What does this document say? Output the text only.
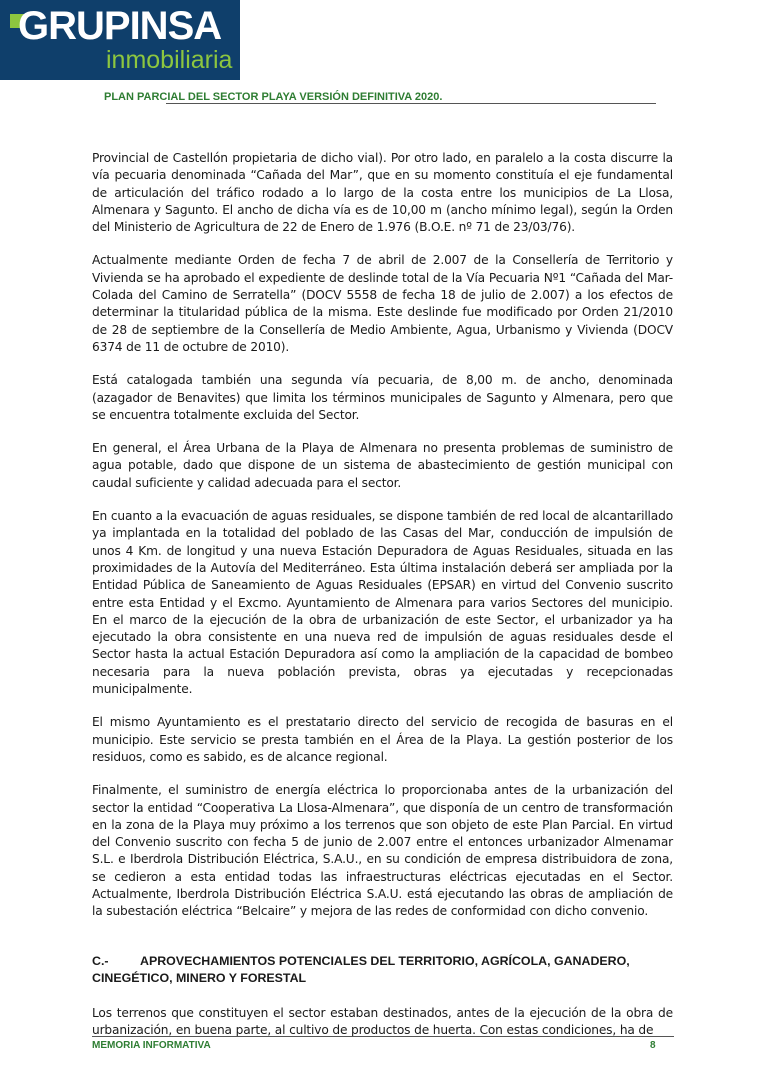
GRUPINSA
inmobiliaria
PLAN PARCIAL DEL SECTOR PLAYA VERSIÓN DEFINITIVA 2020.

Provincial de Castellón propietaria de dicho vial). Por otro lado, en paralelo a la costa discurre la vía pecuaria denominada “Cañada del Mar”, que en su momento constituía el eje fundamental de articulación del tráfico rodado a lo largo de la costa entre los municipios de La Llosa, Almenara y Sagunto. El ancho de dicha vía es de 10,00 m (ancho mínimo legal), según la Orden del Ministerio de Agricultura de 22 de Enero de 1.976 (B.O.E. nº 71 de 23/03/76).

Actualmente mediante Orden de fecha 7 de abril de 2.007 de la Consellería de Territorio y Vivienda se ha aprobado el expediente de deslinde total de la Vía Pecuaria Nº1 “Cañada del Mar-Colada del Camino de Serratella” (DOCV 5558 de fecha 18 de julio de 2.007) a los efectos de determinar la titularidad pública de la misma. Este deslinde fue modificado por Orden 21/2010 de 28 de septiembre de la Consellería de Medio Ambiente, Agua, Urbanismo y Vivienda (DOCV 6374 de 11 de octubre de 2010).

Está catalogada también una segunda vía pecuaria, de 8,00 m. de ancho, denominada (azagador de Benavites) que limita los términos municipales de Sagunto y Almenara, pero que se encuentra totalmente excluida del Sector.

En general, el Área Urbana de la Playa de Almenara no presenta problemas de suministro de agua potable, dado que dispone de un sistema de abastecimiento de gestión municipal con caudal suficiente y calidad adecuada para el sector.

En cuanto a la evacuación de aguas residuales, se dispone también de red local de alcantarillado ya implantada en la totalidad del poblado de las Casas del Mar, conducción de impulsión de unos 4 Km. de longitud y una nueva Estación Depuradora de Aguas Residuales, situada en las proximidades de la Autovía del Mediterráneo. Esta última instalación deberá ser ampliada por la Entidad Pública de Saneamiento de Aguas Residuales (EPSAR) en virtud del Convenio suscrito entre esta Entidad y el Excmo. Ayuntamiento de Almenara para varios Sectores del municipio. En el marco de la ejecución de la obra de urbanización de este Sector, el urbanizador ya ha ejecutado la obra consistente en una nueva red de impulsión de aguas residuales desde el Sector hasta la actual Estación Depuradora así como la ampliación de la capacidad de bombeo necesaria para la nueva población prevista, obras ya ejecutadas y recepcionadas municipalmente.

El mismo Ayuntamiento es el prestatario directo del servicio de recogida de basuras en el municipio. Este servicio se presta también en el Área de la Playa. La gestión posterior de los residuos, como es sabido, es de alcance regional.

Finalmente, el suministro de energía eléctrica lo proporcionaba antes de la urbanización del sector la entidad “Cooperativa La Llosa-Almenara”, que disponía de un centro de transformación en la zona de la Playa muy próximo a los terrenos que son objeto de este Plan Parcial. En virtud del Convenio suscrito con fecha 5 de junio de 2.007 entre el entonces urbanizador Almenamar S.L. e Iberdrola Distribución Eléctrica, S.A.U., en su condición de empresa distribuidora de zona, se cedieron a esta entidad todas las infraestructuras eléctricas ejecutadas en el Sector. Actualmente, Iberdrola Distribución Eléctrica S.A.U. está ejecutando las obras de ampliación de la subestación eléctrica “Belcaire” y mejora de las redes de conformidad con dicho convenio.

C.-	APROVECHAMIENTOS POTENCIALES DEL TERRITORIO, AGRÍCOLA, GANADERO, CINEGÉTICO, MINERO Y FORESTAL

Los terrenos que constituyen el sector estaban destinados, antes de la ejecución de la obra de urbanización, en buena parte, al cultivo de productos de huerta. Con estas condiciones, ha de

MEMORIA INFORMATIVA	8
